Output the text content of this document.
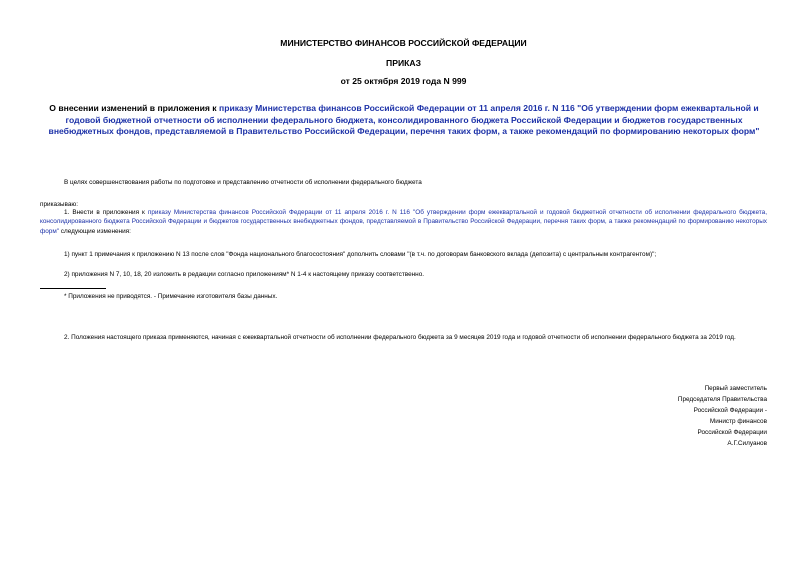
МИНИСТЕРСТВО ФИНАНСОВ РОССИЙСКОЙ ФЕДЕРАЦИИ
ПРИКАЗ
от 25 октября 2019 года N 999
О внесении изменений в приложения к приказу Министерства финансов Российской Федерации от 11 апреля 2016 г. N 116 "Об утверждении форм ежеквартальной и годовой бюджетной отчетности об исполнении федерального бюджета, консолидированного бюджета Российской Федерации и бюджетов государственных внебюджетных фондов, представляемой в Правительство Российской Федерации, перечня таких форм, а также рекомендаций по формированию некоторых форм"
В целях совершенствования работы по подготовке и представлению отчетности об исполнении федерального бюджета
приказываю:
1. Внести в приложения к приказу Министерства финансов Российской Федерации от 11 апреля 2016 г. N 116 "Об утверждении форм ежеквартальной и годовой бюджетной отчетности об исполнении федерального бюджета, консолидированного бюджета Российской Федерации и бюджетов государственных внебюджетных фондов, представляемой в Правительство Российской Федерации, перечня таких форм, а также рекомендаций по формированию некоторых форм" следующие изменения:
1) пункт 1 примечания к приложению N 13 после слов "Фонда национального благосостояния" дополнить словами "(в т.ч. по договорам банковского вклада (депозита) с центральным контрагентом)";
2) приложения N 7, 10, 18, 20 изложить в редакции согласно приложениям* N 1-4 к настоящему приказу соответственно.
* Приложения не приводятся. - Примечание изготовителя базы данных.
2. Положения настоящего приказа применяются, начиная с ежеквартальной отчетности об исполнении федерального бюджета за 9 месяцев 2019 года и годовой отчетности об исполнении федерального бюджета за 2019 год.
Первый заместитель
Председателя Правительства
Российской Федерации -
Министр финансов
Российской Федерации
А.Г.Силуанов
